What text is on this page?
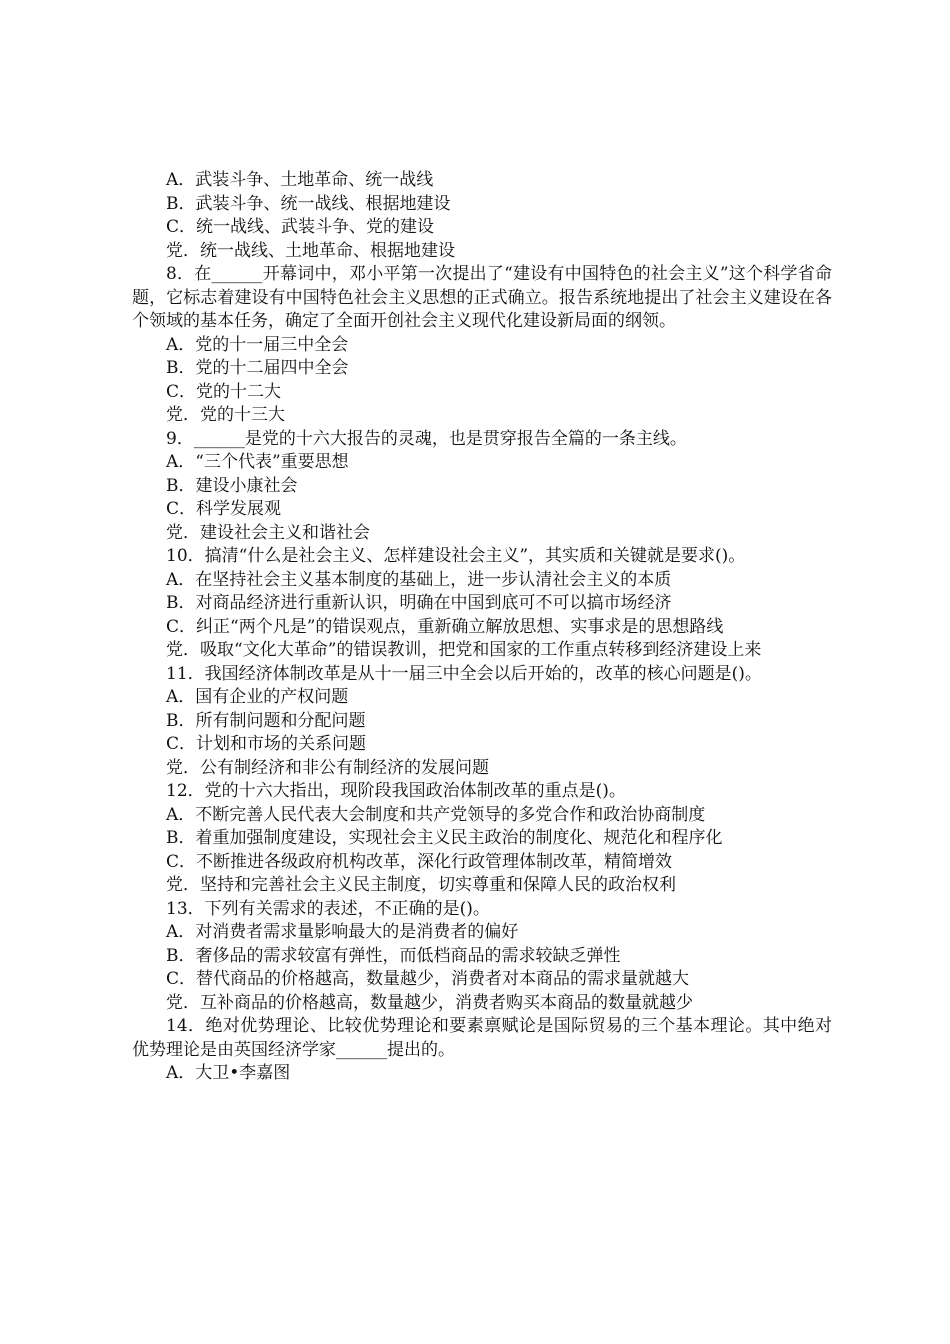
A．武装斗争、土地革命、统一战线

B．武装斗争、统一战线、根据地建设

C．统一战线、武装斗争、党的建设

党．统一战线、土地革命、根据地建设

8．在______开幕词中，邓小平第一次提出了“建设有中国特色的社会主义”这个科学省命题，它标志着建设有中国特色社会主义思想的正式确立。报告系统地提出了社会主义建设在各个领域的基本任务，确定了全面开创社会主义现代化建设新局面的纲领。

A．党的十一届三中全会

B．党的十二届四中全会

C．党的十二大

党．党的十三大

9．______是党的十六大报告的灵魂，也是贯穿报告全篇的一条主线。

A．“三个代表”重要思想

B．建设小康社会

C．科学发展观

党．建设社会主义和谐社会

10．搞清“什么是社会主义、怎样建设社会主义”，其实质和关键就是要求()。

A．在坚持社会主义基本制度的基础上，进一步认清社会主义的本质

B．对商品经济进行重新认识，明确在中国到底可不可以搞市场经济

C．纠正“两个凡是”的错误观点，重新确立解放思想、实事求是的思想路线

党．吸取“文化大革命”的错误教训，把党和国家的工作重点转移到经济建设上来

11．我国经济体制改革是从十一届三中全会以后开始的，改革的核心问题是()。

A．国有企业的产权问题

B．所有制问题和分配问题

C．计划和市场的关系问题

党．公有制经济和非公有制经济的发展问题

12．党的十六大指出，现阶段我国政治体制改革的重点是()。

A．不断完善人民代表大会制度和共产党领导的多党合作和政治协商制度

B．着重加强制度建设，实现社会主义民主政治的制度化、规范化和程序化

C．不断推进各级政府机构改革，深化行政管理体制改革，精简增效

党．坚持和完善社会主义民主制度，切实尊重和保障人民的政治权利

13．下列有关需求的表述，不正确的是()。

A．对消费者需求量影响最大的是消费者的偏好

B．奢侈品的需求较富有弹性，而低档商品的需求较缺乏弹性

C．替代商品的价格越高，数量越少，消费者对本商品的需求量就越大

党．互补商品的价格越高，数量越少，消费者购买本商品的数量就越少

14．绝对优势理论、比较优势理论和要素禀赋论是国际贸易的三个基本理论。其中绝对优势理论是由英国经济学家______提出的。

A．大卫•李嘉图
